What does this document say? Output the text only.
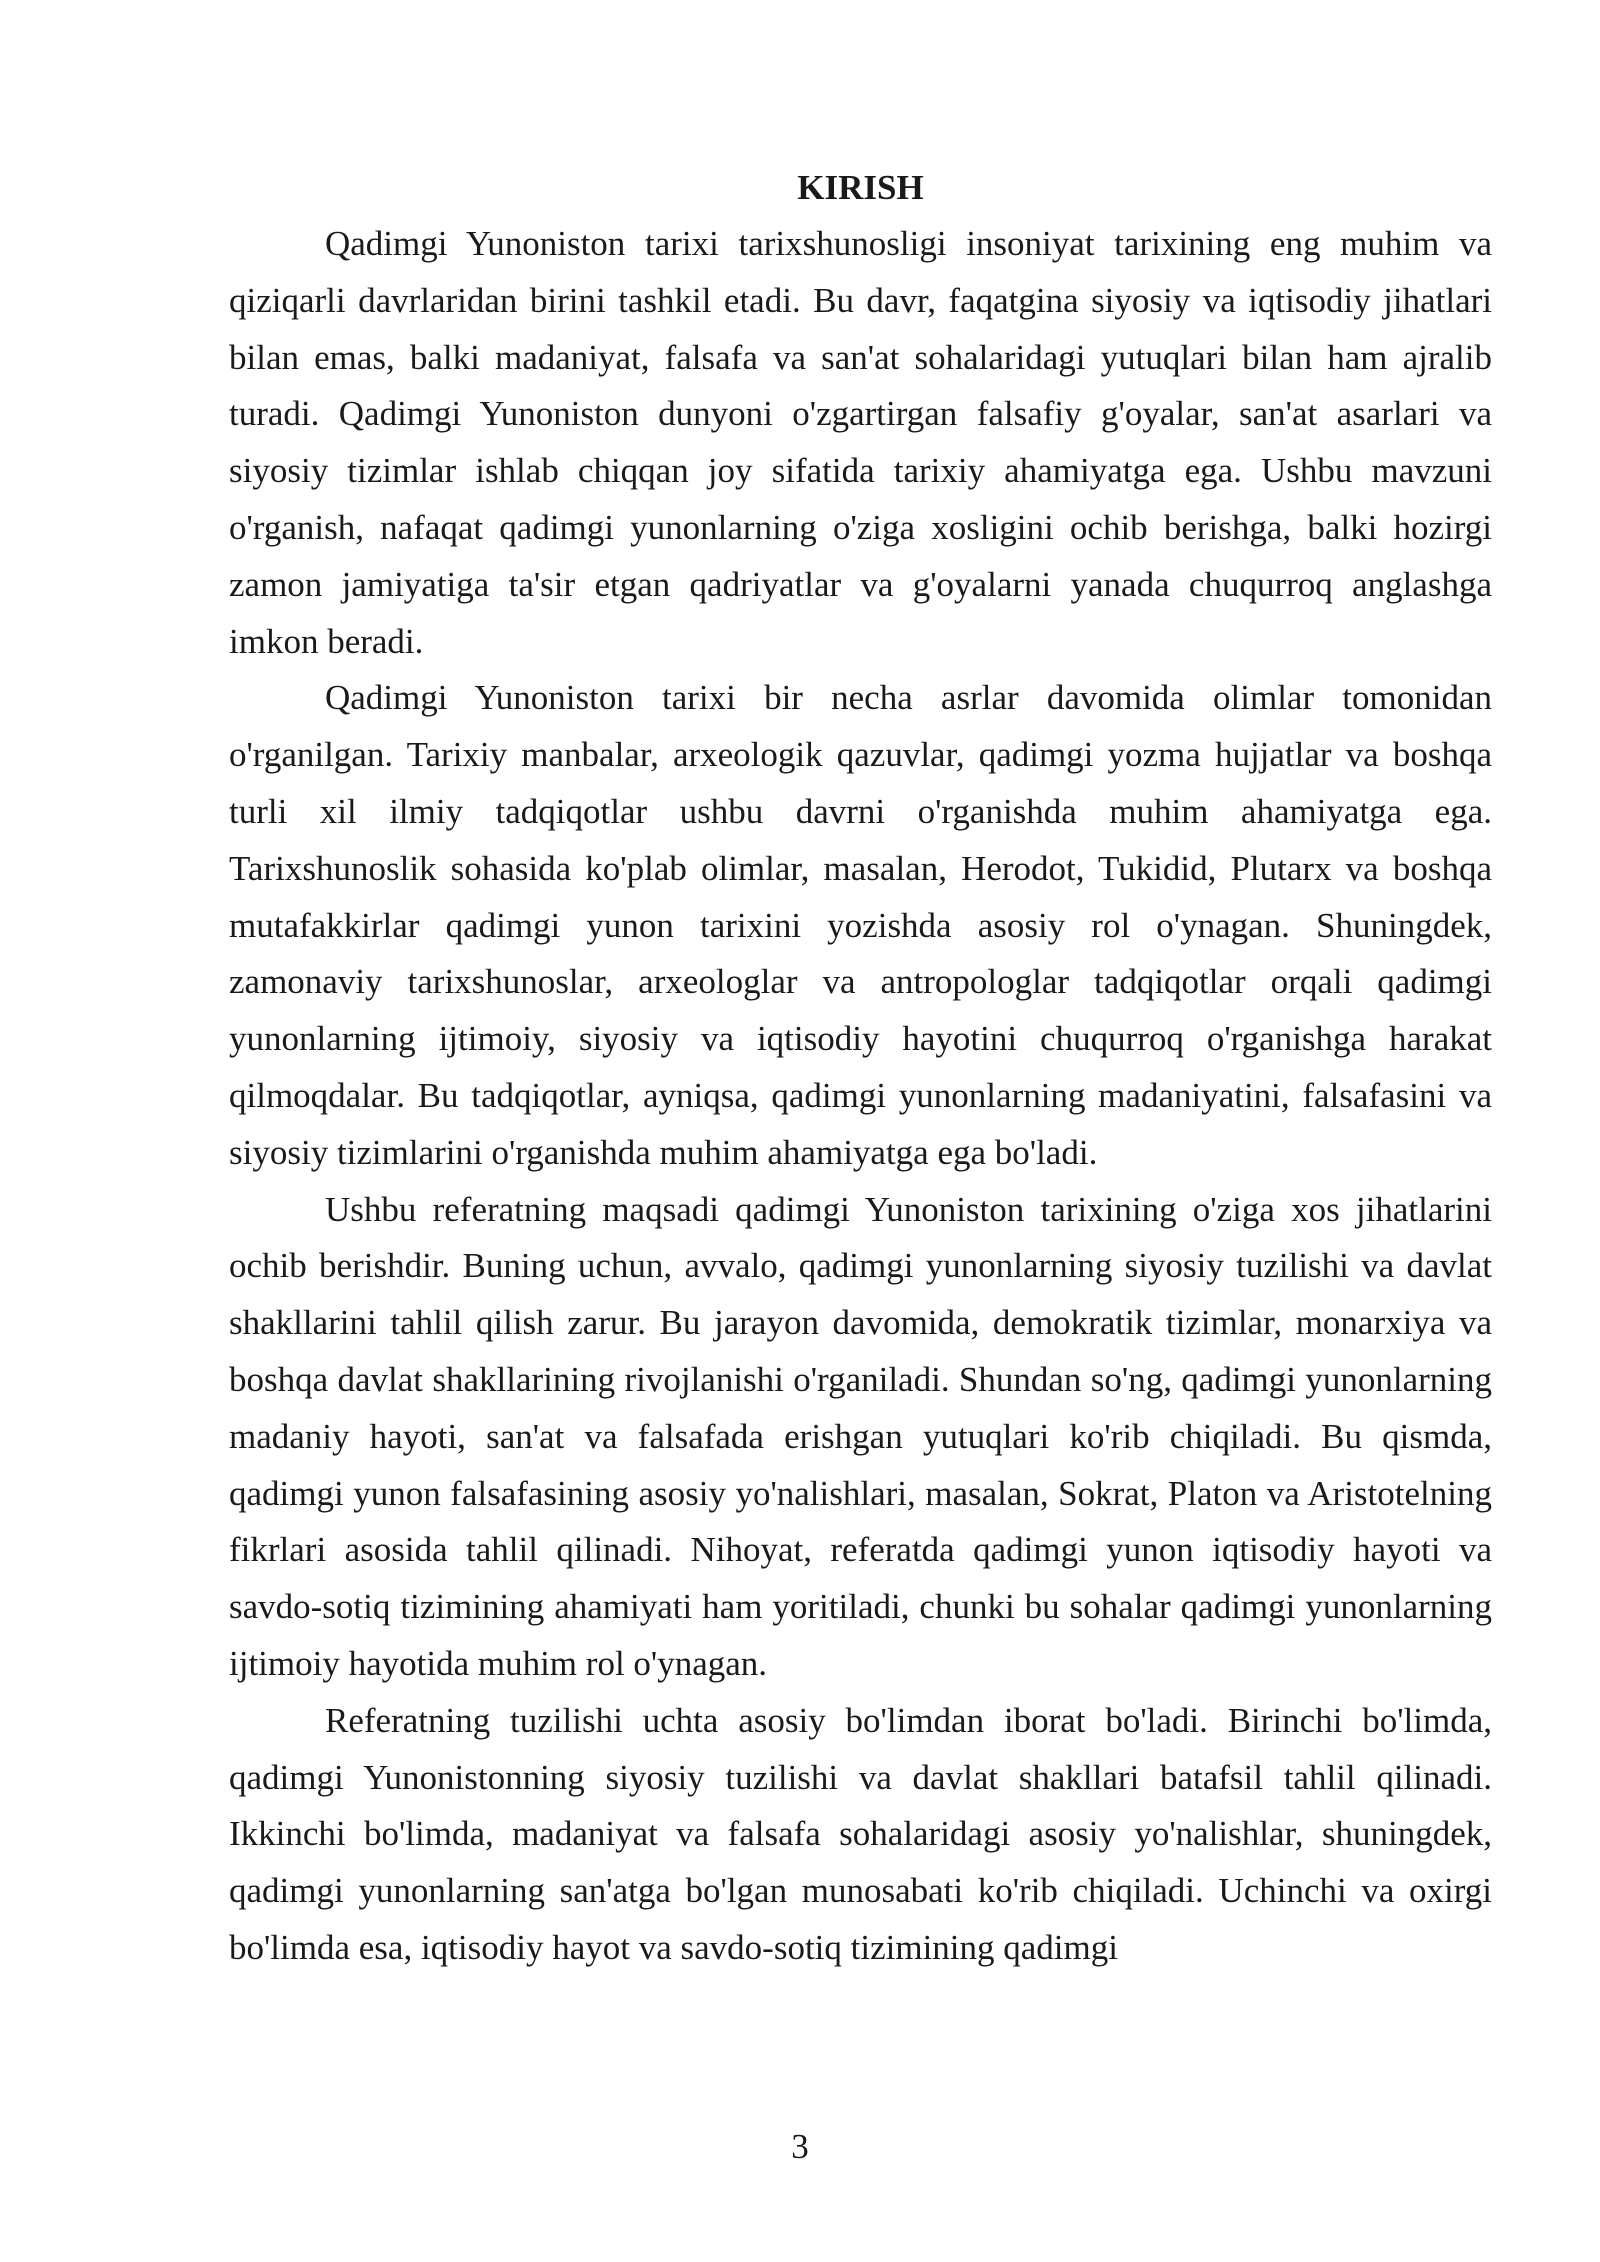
KIRISH

Qadimgi Yunoniston tarixi tarixshunosligi insoniyat tarixining eng muhim va qiziqarli davrlaridan birini tashkil etadi. Bu davr, faqatgina siyosiy va iqtisodiy jihatlari bilan emas, balki madaniyat, falsafa va san'at sohalaridagi yutuqlari bilan ham ajralib turadi. Qadimgi Yunoniston dunyoni o'zgartirgan falsafiy g'oyalar, san'at asarlari va siyosiy tizimlar ishlab chiqqan joy sifatida tarixiy ahamiyatga ega. Ushbu mavzuni o'rganish, nafaqat qadimgi yunonlarning o'ziga xosligini ochib berishga, balki hozirgi zamon jamiyatiga ta'sir etgan qadriyatlar va g'oyalarni yanada chuqurroq anglashga imkon beradi.

Qadimgi Yunoniston tarixi bir necha asrlar davomida olimlar tomonidan o'rganilgan. Tarixiy manbalar, arxeologik qazuvlar, qadimgi yozma hujjatlar va boshqa turli xil ilmiy tadqiqotlar ushbu davrni o'rganishda muhim ahamiyatga ega. Tarixshunoslik sohasida ko'plab olimlar, masalan, Herodot, Tukidid, Plutarx va boshqa mutafakkirlar qadimgi yunon tarixini yozishda asosiy rol o'ynagan. Shuningdek, zamonaviy tarixshunoslar, arxeologlar va antropologlar tadqiqotlar orqali qadimgi yunonlarning ijtimoiy, siyosiy va iqtisodiy hayotini chuqurroq o'rganishga harakat qilmoqdalar. Bu tadqiqotlar, ayniqsa, qadimgi yunonlarning madaniyatini, falsafasini va siyosiy tizimlarini o'rganishda muhim ahamiyatga ega bo'ladi.

Ushbu referatning maqsadi qadimgi Yunoniston tarixining o'ziga xos jihatlarini ochib berishdir. Buning uchun, avvalo, qadimgi yunonlarning siyosiy tuzilishi va davlat shakllarini tahlil qilish zarur. Bu jarayon davomida, demokratik tizimlar, monarxiya va boshqa davlat shakllarining rivojlanishi o'rganiladi. Shundan so'ng, qadimgi yunonlarning madaniy hayoti, san'at va falsafada erishgan yutuqlari ko'rib chiqiladi. Bu qismda, qadimgi yunon falsafasining asosiy yo'nalishlari, masalan, Sokrat, Platon va Aristotelning fikrlari asosida tahlil qilinadi. Nihoyat, referatda qadimgi yunon iqtisodiy hayoti va savdo-sotiq tizimining ahamiyati ham yoritiladi, chunki bu sohalar qadimgi yunonlarning ijtimoiy hayotida muhim rol o'ynagan.

Referatning tuzilishi uchta asosiy bo'limdan iborat bo'ladi. Birinchi bo'limda, qadimgi Yunonistonning siyosiy tuzilishi va davlat shakllari batafsil tahlil qilinadi. Ikkinchi bo'limda, madaniyat va falsafa sohalaridagi asosiy yo'nalishlar, shuningdek, qadimgi yunonlarning san'atga bo'lgan munosabati ko'rib chiqiladi. Uchinchi va oxirgi bo'limda esa, iqtisodiy hayot va savdo-sotiq tizimining qadimgi

3
